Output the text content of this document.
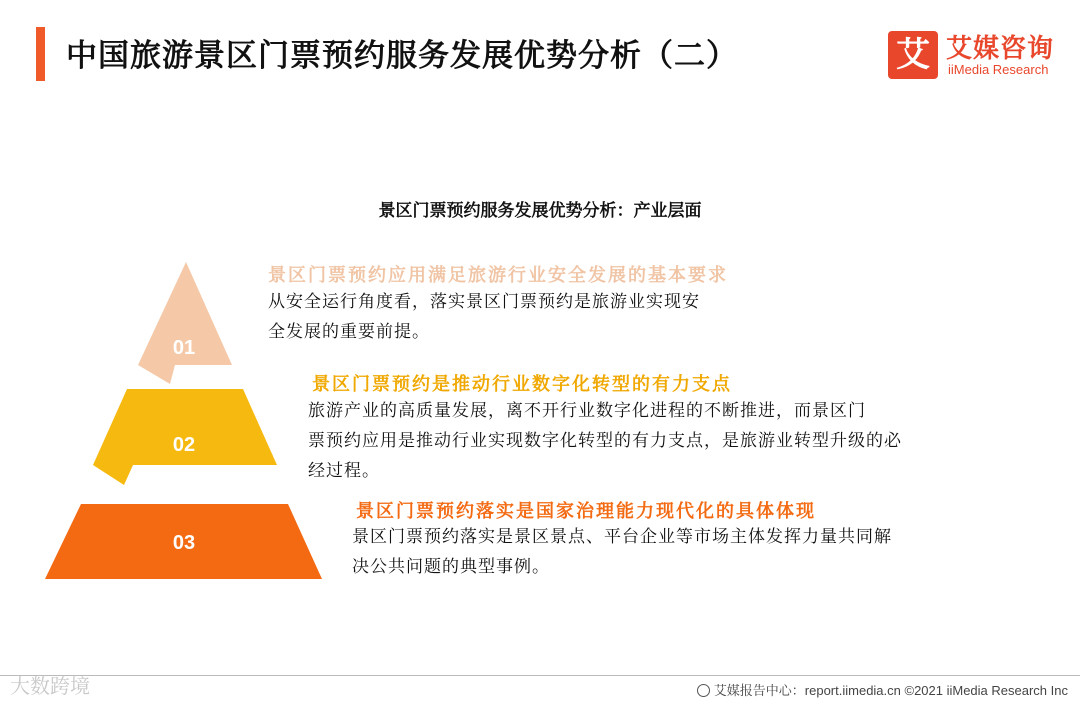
中国旅游景区门票预约服务发展优势分析（二）	艾 艾媒咨询
iiMedia Research
景区门票预约服务发展优势分析：产业层面
01
02
03
景区门票预约应用满足旅游行业安全发展的基本要求
从安全运行角度看，落实景区门票预约是旅游业实现安
全发展的重要前提。
景区门票预约是推动行业数字化转型的有力支点
旅游产业的高质量发展，离不开行业数字化进程的不断推进，而景区门
票预约应用是推动行业实现数字化转型的有力支点，是旅游业转型升级的必
经过程。
景区门票预约落实是国家治理能力现代化的具体体现
景区门票预约落实是景区景点、平台企业等市场主体发挥力量共同解
决公共问题的典型事例。
大数跨境	艾媒报告中心：report.iimedia.cn ©2021 iiMedia Research Inc
